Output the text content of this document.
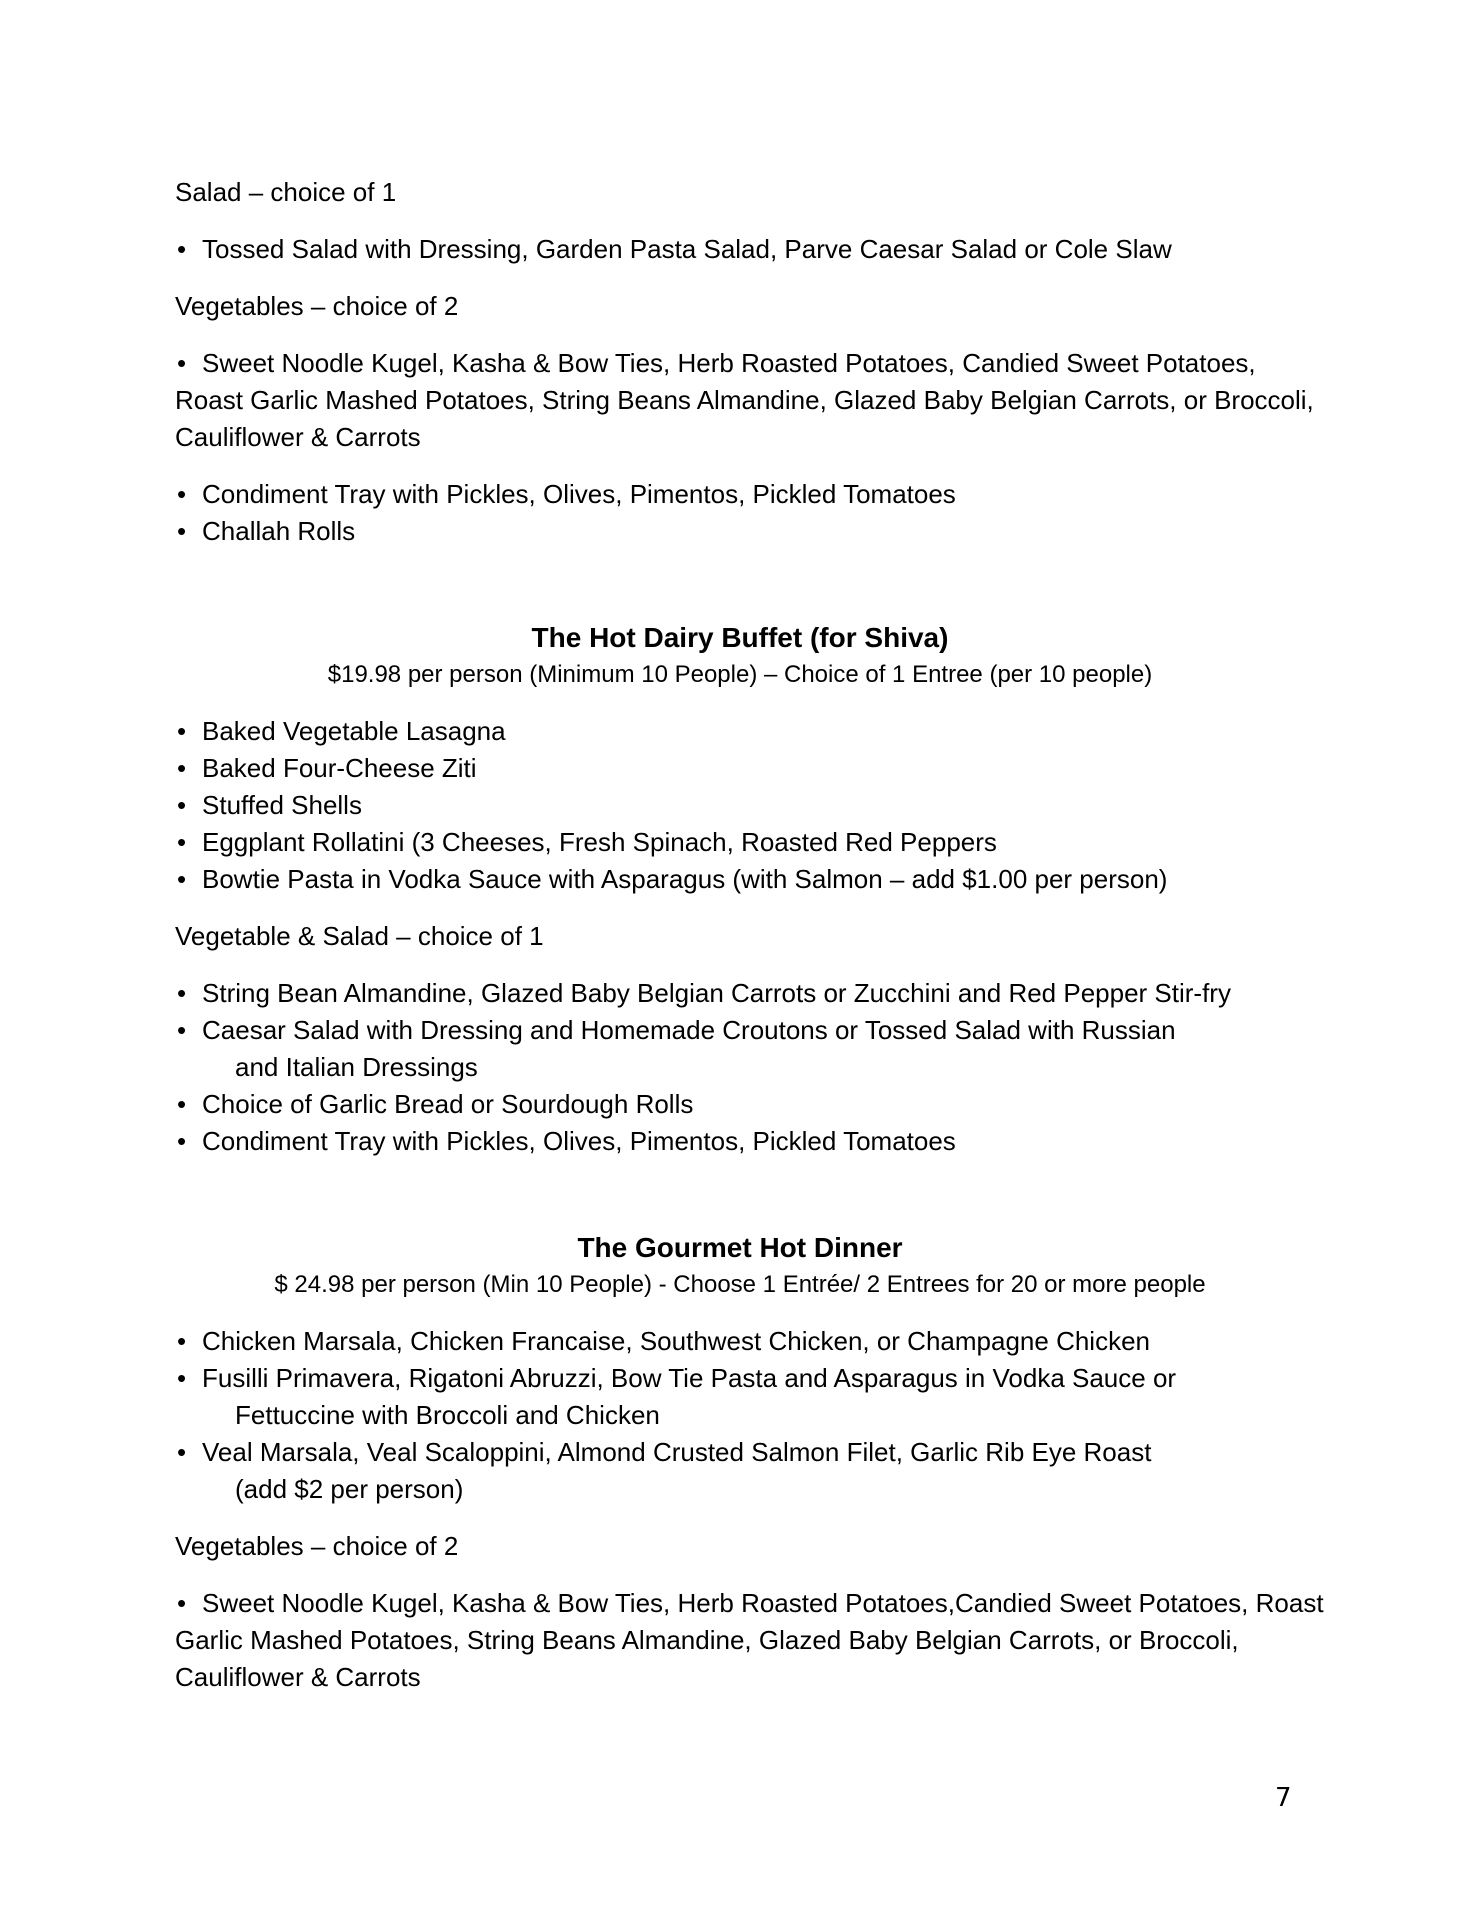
Salad – choice of 1

• Tossed Salad with Dressing, Garden Pasta Salad, Parve Caesar Salad or Cole Slaw

Vegetables – choice of 2

• Sweet Noodle Kugel, Kasha & Bow Ties, Herb Roasted Potatoes, Candied Sweet Potatoes, Roast Garlic Mashed Potatoes, String Beans Almandine, Glazed Baby Belgian Carrots, or Broccoli, Cauliflower & Carrots

• Condiment Tray with Pickles, Olives, Pimentos, Pickled Tomatoes
• Challah Rolls
The Hot Dairy Buffet (for Shiva)

$19.98 per person (Minimum 10 People) – Choice of 1 Entree (per 10 people)

• Baked Vegetable Lasagna
• Baked Four-Cheese Ziti
• Stuffed Shells
• Eggplant Rollatini (3 Cheeses, Fresh Spinach, Roasted Red Peppers
• Bowtie Pasta in Vodka Sauce with Asparagus (with Salmon – add $1.00 per person)

Vegetable & Salad – choice of 1

• String Bean Almandine, Glazed Baby Belgian Carrots or Zucchini and Red Pepper Stir-fry
• Caesar Salad with Dressing and Homemade Croutons or Tossed Salad with Russian
and Italian Dressings
• Choice of Garlic Bread or Sourdough Rolls
• Condiment Tray with Pickles, Olives, Pimentos, Pickled Tomatoes
The Gourmet Hot Dinner

$ 24.98 per person (Min 10 People) - Choose 1 Entrée/ 2 Entrees for 20 or more people

• Chicken Marsala, Chicken Francaise, Southwest Chicken, or Champagne Chicken
• Fusilli Primavera, Rigatoni Abruzzi, Bow Tie Pasta and Asparagus in Vodka Sauce or
Fettuccine with Broccoli and Chicken
• Veal Marsala, Veal Scaloppini, Almond Crusted Salmon Filet, Garlic Rib Eye Roast
(add $2 per person)

Vegetables – choice of 2

• Sweet Noodle Kugel, Kasha & Bow Ties, Herb Roasted Potatoes,Candied Sweet Potatoes, Roast Garlic Mashed Potatoes, String Beans Almandine, Glazed Baby Belgian Carrots, or Broccoli, Cauliflower & Carrots

7
